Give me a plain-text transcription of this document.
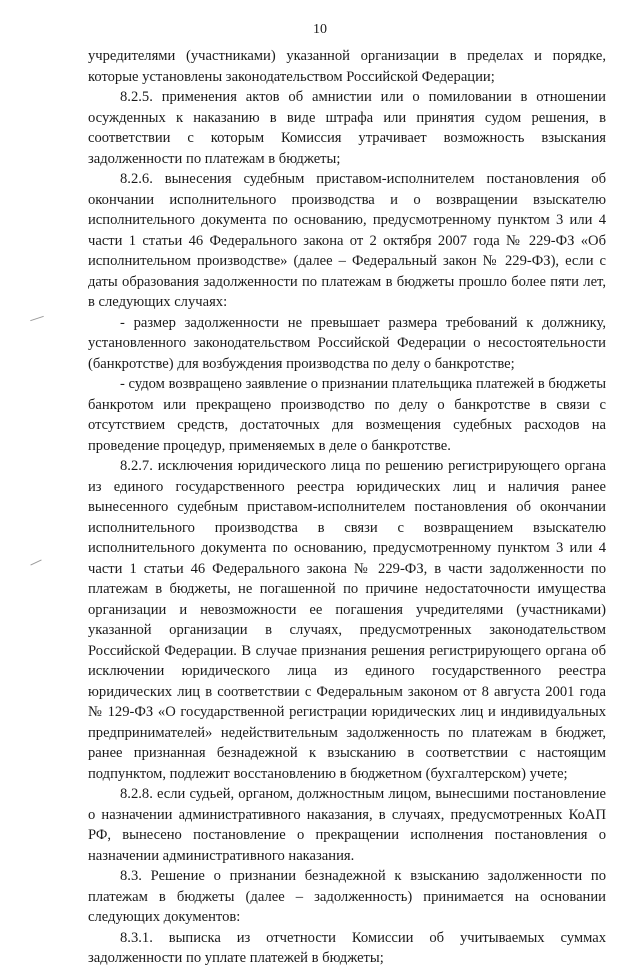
10

учредителями (участниками) указанной организации в пределах и порядке, которые установлены законодательством Российской Федерации;

8.2.5. применения актов об амнистии или о помиловании в отношении осужденных к наказанию в виде штрафа или принятия судом решения, в соответствии с которым Комиссия утрачивает возможность взыскания задолженности по платежам в бюджеты;

8.2.6. вынесения судебным приставом-исполнителем постановления об окончании исполнительного производства и о возвращении взыскателю исполнительного документа по основанию, предусмотренному пунктом 3 или 4 части 1 статьи 46 Федерального закона от 2 октября 2007 года № 229-ФЗ «Об исполнительном производстве» (далее – Федеральный закон № 229-ФЗ), если с даты образования задолженности по платежам в бюджеты прошло более пяти лет, в следующих случаях:

- размер задолженности не превышает размера требований к должнику, установленного законодательством Российской Федерации о несостоятельности (банкротстве) для возбуждения производства по делу о банкротстве;

- судом возвращено заявление о признании плательщика платежей в бюджеты банкротом или прекращено производство по делу о банкротстве в связи с отсутствием средств, достаточных для возмещения судебных расходов на проведение процедур, применяемых в деле о банкротстве.

8.2.7. исключения юридического лица по решению регистрирующего органа из единого государственного реестра юридических лиц и наличия ранее вынесенного судебным приставом-исполнителем постановления об окончании исполнительного производства в связи с возвращением взыскателю исполнительного документа по основанию, предусмотренному пунктом 3 или 4 части 1 статьи 46 Федерального закона № 229-ФЗ, в части задолженности по платежам в бюджеты, не погашенной по причине недостаточности имущества организации и невозможности ее погашения учредителями (участниками) указанной организации в случаях, предусмотренных законодательством Российской Федерации. В случае признания решения регистрирующего органа об исключении юридического лица из единого государственного реестра юридических лиц в соответствии с Федеральным законом от 8 августа 2001 года № 129-ФЗ «О государственной регистрации юридических лиц и индивидуальных предпринимателей» недействительным задолженность по платежам в бюджет, ранее признанная безнадежной к взысканию в соответствии с настоящим подпунктом, подлежит восстановлению в бюджетном (бухгалтерском) учете;

8.2.8. если судьей, органом, должностным лицом, вынесшими постановление о назначении административного наказания, в случаях, предусмотренных КоАП РФ, вынесено постановление о прекращении исполнения постановления о назначении административного наказания.

8.3. Решение о признании безнадежной к взысканию задолженности по платежам в бюджеты (далее – задолженность) принимается на основании следующих документов:

8.3.1. выписка из отчетности Комиссии об учитываемых суммах задолженности по уплате платежей в бюджеты;
